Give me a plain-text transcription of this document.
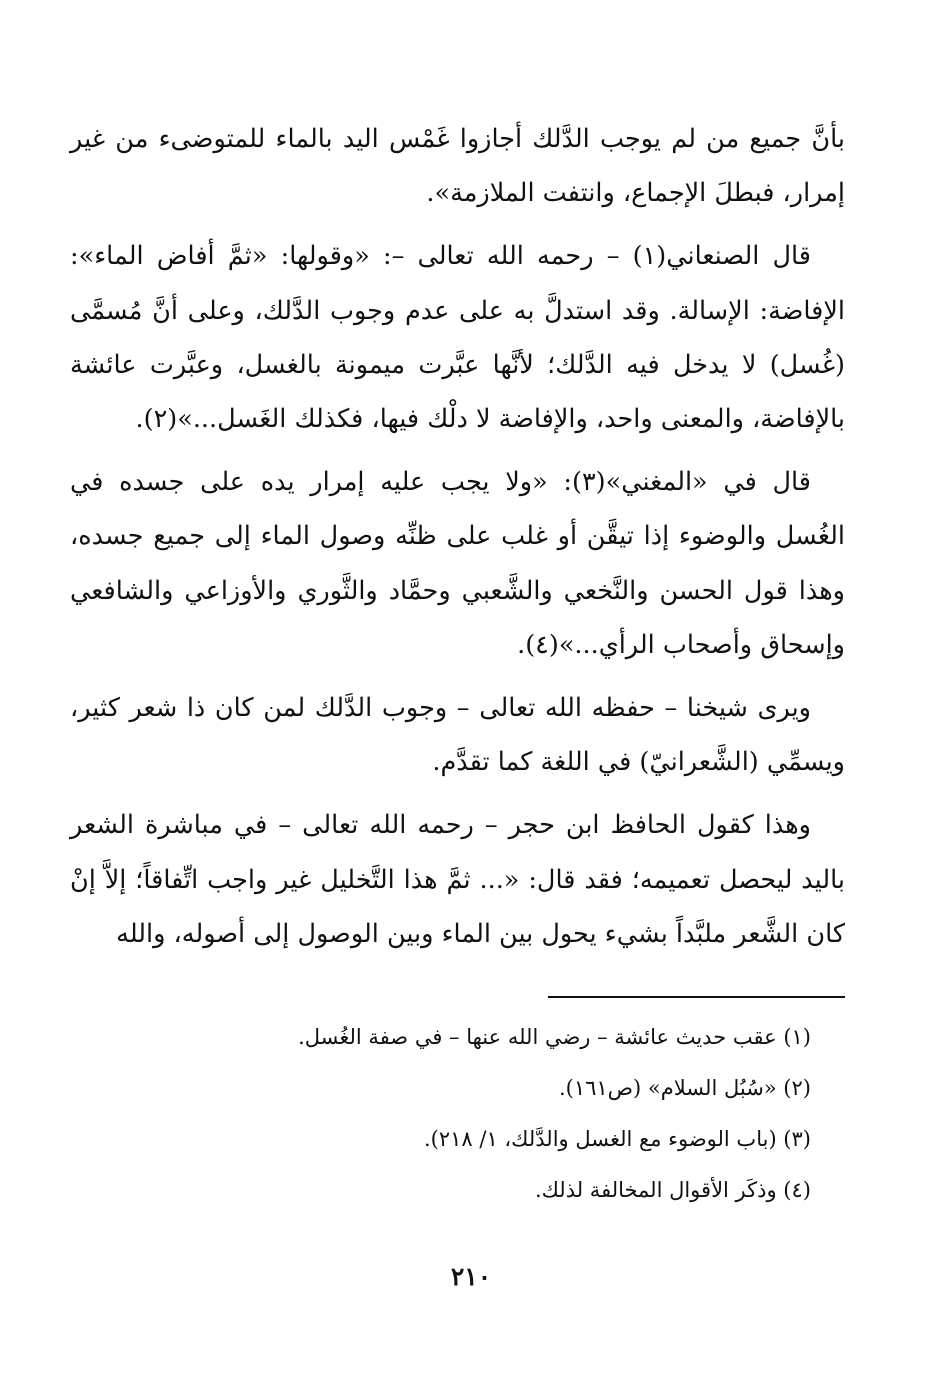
بأنَّ جميع من لم يوجب الدَّلك أجازوا غَمْس اليد بالماء للمتوضىء من غير إمرار، فبطلَ الإجماع، وانتفت الملازمة».

قال الصنعاني(١) – رحمه الله تعالى –: «وقولها: «ثمَّ أفاض الماء»: الإفاضة: الإسالة. وقد استدلَّ به على عدم وجوب الدَّلك، وعلى أنَّ مُسمَّى (غُسل) لا يدخل فيه الدَّلك؛ لأنَّها عبَّرت ميمونة بالغسل، وعبَّرت عائشة بالإفاضة، والمعنى واحد، والإفاضة لا دلْك فيها، فكذلك الغَسل...»(٢).

قال في «المغني»(٣): «ولا يجب عليه إمرار يده على جسده في الغُسل والوضوء إذا تيقَّن أو غلب على ظنِّه وصول الماء إلى جميع جسده، وهذا قول الحسن والنَّخعي والشَّعبي وحمَّاد والثَّوري والأوزاعي والشافعي وإسحاق وأصحاب الرأي...»(٤).

ويرى شيخنا – حفظه الله تعالى – وجوب الدَّلك لمن كان ذا شعر كثير، ويسمِّي (الشَّعرانيّ) في اللغة كما تقدَّم.

وهذا كقول الحافظ ابن حجر – رحمه الله تعالى – في مباشرة الشعر باليد ليحصل تعميمه؛ فقد قال: «... ثمَّ هذا التَّخليل غير واجب اتِّفاقاً؛ إلاَّ إنْ كان الشَّعر ملبَّداً بشيء يحول بين الماء وبين الوصول إلى أصوله، والله

(١) عقب حديث عائشة – رضي الله عنها – في صفة الغُسل.

(٢) «سُبُل السلام» (ص١٦١).

(٣) (باب الوضوء مع الغسل والدَّلك، ١/ ٢١٨).

(٤) وذكَر الأقوال المخالفة لذلك.

٢١٠
